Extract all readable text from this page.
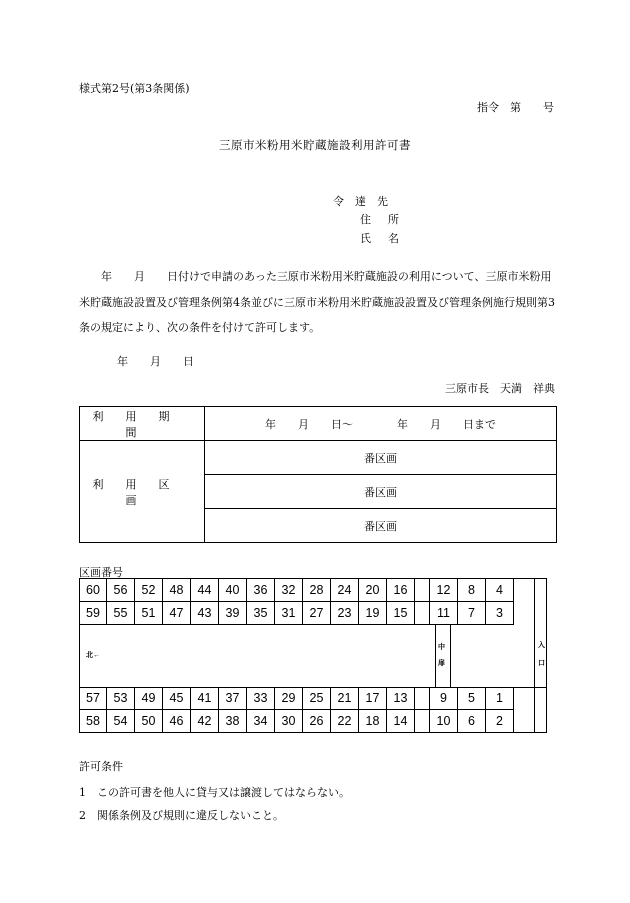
様式第2号(第3条関係)
指令　第　　号
三原市米粉用米貯蔵施設利用許可書
令達先
住所
氏名
年　　月　　日付けで申請のあった三原市米粉用米貯蔵施設の利用について、三原市米粉用米貯蔵施設設置及び管理条例第4条並びに三原市米粉用米貯蔵施設設置及び管理条例施行規則第3条の規定により、次の条件を付けて許可します。
年　　月　　日
三原市長　天満　祥典
利用期間	年　　月　　日～　　　　年　　月　　日まで
利用区画	番区画
	番区画
	番区画
区画番号
60	56	52	48	44	40	36	32	28	24	20	16	12	8	4
59	55	51	47	43	39	35	31	27	23	19	15	11	7	3
57	53	49	45	41	37	33	29	25	21	17	13	9	5	1
58	54	50	46	42	38	34	30	26	22	18	14	10	6	2
北←
中
扉
入
口
許可条件
1　この許可書を他人に貸与又は譲渡してはならない。
2　関係条例及び規則に違反しないこと。
